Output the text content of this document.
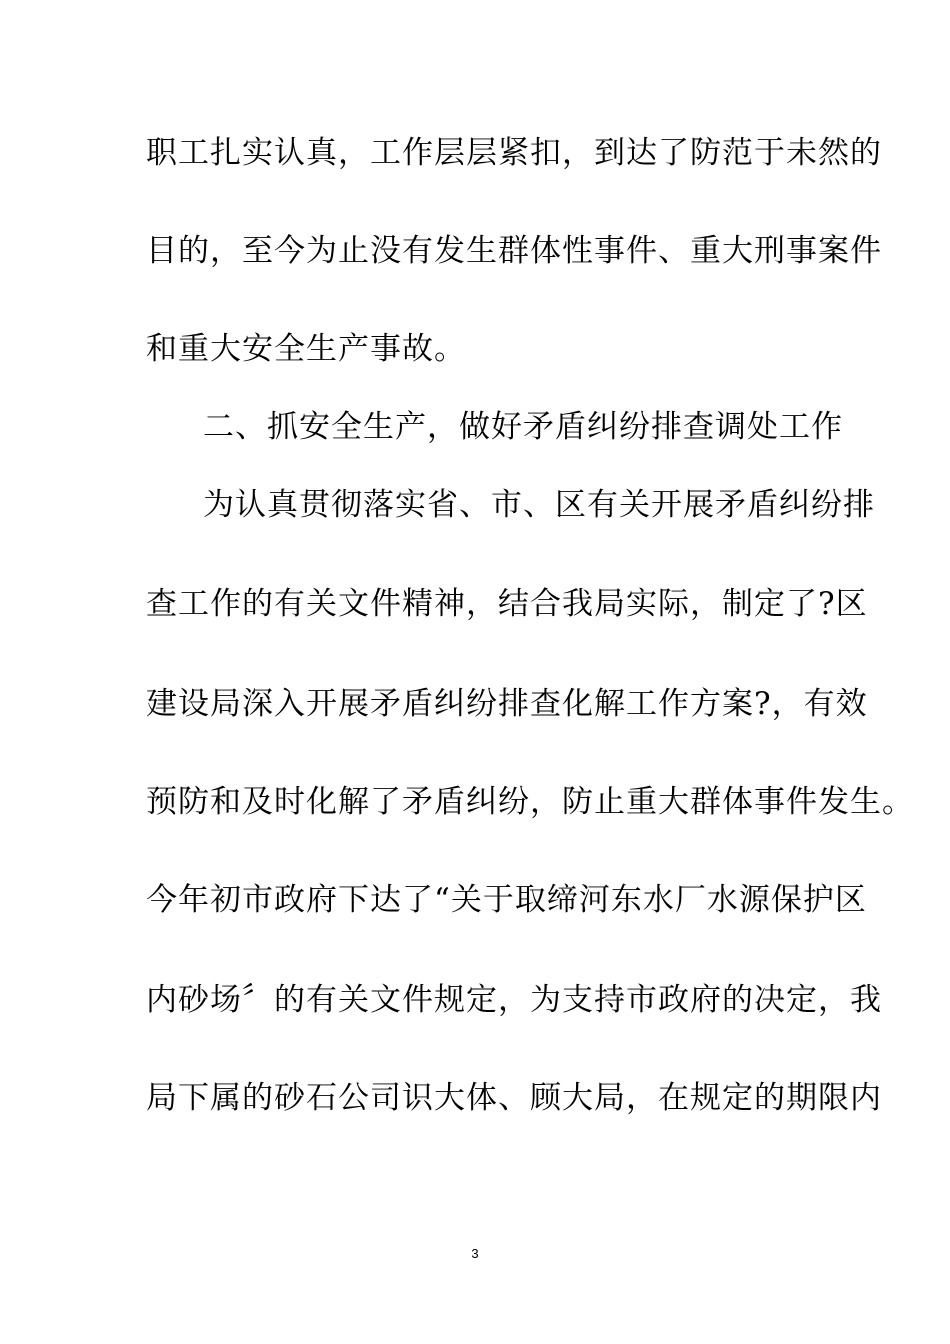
职工扎实认真，工作层层紧扣，到达了防范于未然的
目的，至今为止没有发生群体性事件、重大刑事案件
和重大安全生产事故。
二、抓安全生产，做好矛盾纠纷排查调处工作
为认真贯彻落实省、市、区有关开展矛盾纠纷排
查工作的有关文件精神，结合我局实际，制定了?区
建设局深入开展矛盾纠纷排查化解工作方案?，有效
预防和及时化解了矛盾纠纷，防止重大群体事件发生。
今年初市政府下达了“关于取缔河东水厂水源保护区
内砂场〞的有关文件规定，为支持市政府的决定，我
局下属的砂石公司识大体、顾大局，在规定的期限内
3
